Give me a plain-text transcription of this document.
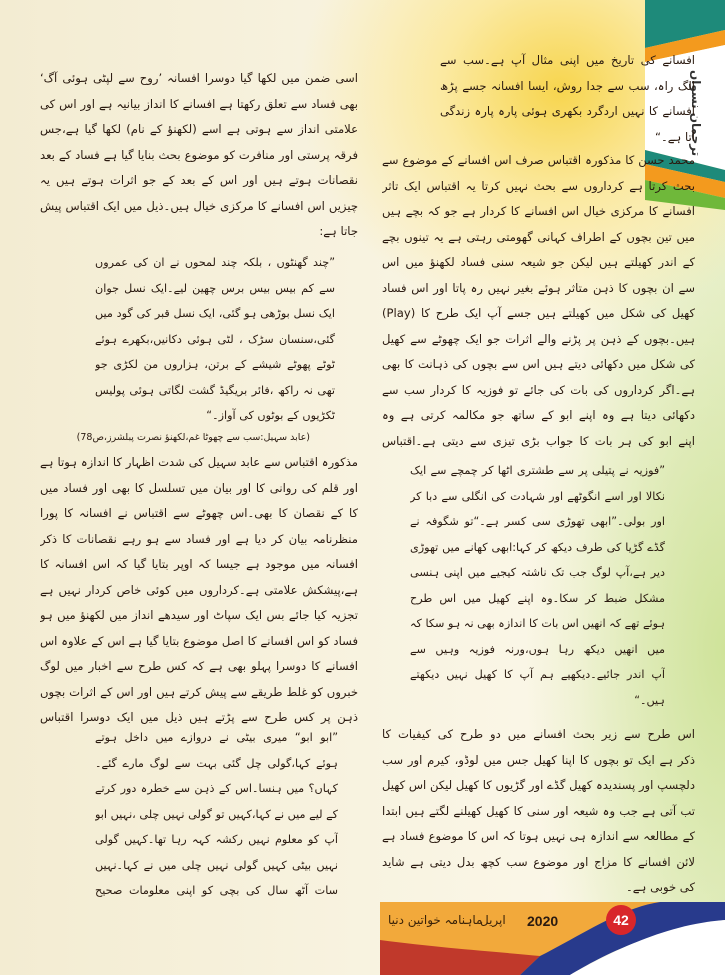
ترجمان نسواں
افسانے کی تاریخ میں اپنی مثال آپ ہے۔سب سے
الگ راہ، سب سے جدا روش، ایسا افسانہ جسے پڑھ
افسانے کا نہیں اردگرد بکھری ہوئی پارہ پارہ زندگی
آتا ہے۔“
محمد حسن کا مذکورہ اقتباس صرف اس افسانے کے موضوع سے
بحث کرتا ہے کرداروں سے بحث نہیں کرتا یہ اقتباس ایک تاثر
افسانے کا مرکزی خیال اس افسانے کا کردار ہے جو کہ بچے ہیں
میں تین بچوں کے اطراف کہانی گھومتی رہتی ہے یہ تینوں بچے
کے اندر کھیلتے ہیں لیکن جو شیعہ سنی فساد لکھنؤ میں اس
سے ان بچوں کا ذہن متاثر ہوئے بغیر نہیں رہ پاتا اور اس فساد
کھیل کی شکل میں کھیلتے ہیں جسے آپ ایک طرح کا (Play)
ہیں۔بچوں کے ذہن پر پڑنے والے اثرات جو ایک چھوٹے سے کھیل
کی شکل میں دکھائی دیتے ہیں اس سے بچوں کی ذہانت کا بھی
ہے۔اگر کرداروں کی بات کی جائے تو فوزیہ کا کردار سب سے
دکھائی دیتا ہے وہ اپنے ابو کے ساتھ جو مکالمہ کرتی ہے وہ
اپنے ابو کی ہر بات کا جواب بڑی تیزی سے دیتی ہے۔اقتباس
”فوزیہ نے پتیلی پر سے طشتری اٹھا کر چمچے سے ایک
نکالا اور اسے انگوٹھے اور شہادت کی انگلی سے دبا کر
اور بولی۔”ابھی تھوڑی سی کسر ہے۔“تو شگوفہ نے
گڈے گڑیا کی طرف دیکھ کر کہا:ابھی کھانے میں تھوڑی
دیر ہے،آپ لوگ جب تک ناشتہ کیجیے میں اپنی ہنسی
مشکل ضبط کر سکا۔وہ اپنے کھیل میں اس طرح
ہوئے تھے کہ انھیں اس بات کا اندازہ بھی نہ ہو سکا کہ
میں انھیں دیکھ رہا ہوں،ورنہ فوزیہ وہیں سے
آپ اندر جائیے۔دیکھیے ہم آپ کا کھیل نہیں دیکھتے
ہیں۔“
اس طرح سے زیر بحث افسانے میں دو طرح کی کیفیات کا
ذکر ہے ایک تو بچوں کا اپنا کھیل جس میں لوڈو، کیرم اور سب
دلچسپ اور پسندیدہ کھیل گڈے اور گڑیوں کا کھیل لیکن اس کھیل
تب آتی ہے جب وہ شیعہ اور سنی کا کھیل کھیلنے لگتے ہیں ابتدا
کے مطالعہ سے اندازہ ہی نہیں ہوتا کہ اس کا موضوع فساد ہے
لائن افسانے کا مزاج اور موضوع سب کچھ بدل دیتی ہے شاید
کی خوبی ہے۔
اسی ضمن میں لکھا گیا دوسرا افسانہ ’روح سے لپٹی ہوئی آگ‘
بھی فساد سے تعلق رکھتا ہے افسانے کا انداز بیانیہ ہے اور اس کی
علامتی انداز سے ہوتی ہے اسے (لکھنؤ کے نام) لکھا گیا ہے،جس
فرقہ پرستی اور منافرت کو موضوع بحث بنایا گیا ہے فساد کے بعد
نقصانات ہوتے ہیں اور اس کے بعد کے جو اثرات ہوتے ہیں یہ
چیزیں اس افسانے کا مرکزی خیال ہیں۔ذیل میں ایک اقتباس پیش
جاتا ہے:
”چند گھنٹوں ، بلکہ چند لمحوں نے ان کی عمروں
سے کم بیس بیس برس چھین لیے۔ایک نسل جوان
ایک نسل بوڑھی ہو گئی، ایک نسل قبر کی گود میں
گئی،سنسان سڑک ، لٹی ہوئی دکانیں،بکھرے ہوئے
ٹوٹے پھوٹے شیشے کے برتن، ہزاروں من لکڑی جو
تھی نہ راکھ ،فائر بریگیڈ گشت لگاتی ہوئی پولیس
ٹکڑیوں کے بوٹوں کی آواز۔“
(عابد سہیل:سب سے چھوٹا غم،لکھنؤ نصرت پبلشرز،ص78)
مذکورہ اقتباس سے عابد سہیل کی شدت اظہار کا اندازہ ہوتا ہے
اور قلم کی روانی کا اور بیان میں تسلسل کا بھی اور فساد میں
کا کے نقصان کا بھی۔اس چھوٹے سے اقتباس نے افسانہ کا پورا
منظرنامہ بیان کر دیا ہے اور فساد سے ہو رہے نقصانات کا ذکر
افسانہ میں موجود ہے جیسا کہ اوپر بتایا گیا کہ اس افسانہ کا
ہے،پیشکش علامتی ہے۔کرداروں میں کوئی خاص کردار نہیں ہے
تجزیہ کیا جائے بس ایک سپاٹ اور سیدھے انداز میں لکھنؤ میں ہو
فساد کو اس افسانے کا اصل موضوع بتایا گیا ہے اس کے علاوہ اس
افسانے کا دوسرا پہلو بھی ہے کہ کس طرح سے اخبار میں لوگ
خبروں کو غلط طریقے سے پیش کرتے ہیں اور اس کے اثرات بچوں
ذہن پر کس طرح سے پڑتے ہیں ذیل میں ایک دوسرا اقتباس
”ابو ابو“ میری بیٹی نے دروازے میں داخل ہوتے
ہوئے کہا،گولی چل گئی بہت سے لوگ مارے گئے۔
کہاں؟ میں ہنسا۔اس کے ذہن سے خطرہ دور کرتے
کے لیے میں نے کہا،کہیں تو گولی نہیں چلی ،نہیں ابو
آپ کو معلوم نہیں رکشہ کہہ رہا تھا۔کہیں گولی
نہیں بیٹی کہیں گولی نہیں چلی میں نے کہا۔نہیں
سات آٹھ سال کی بچی کو اپنی معلومات صحیح
ماہنامہ خواتین دنیا
اپریل 2020	42
